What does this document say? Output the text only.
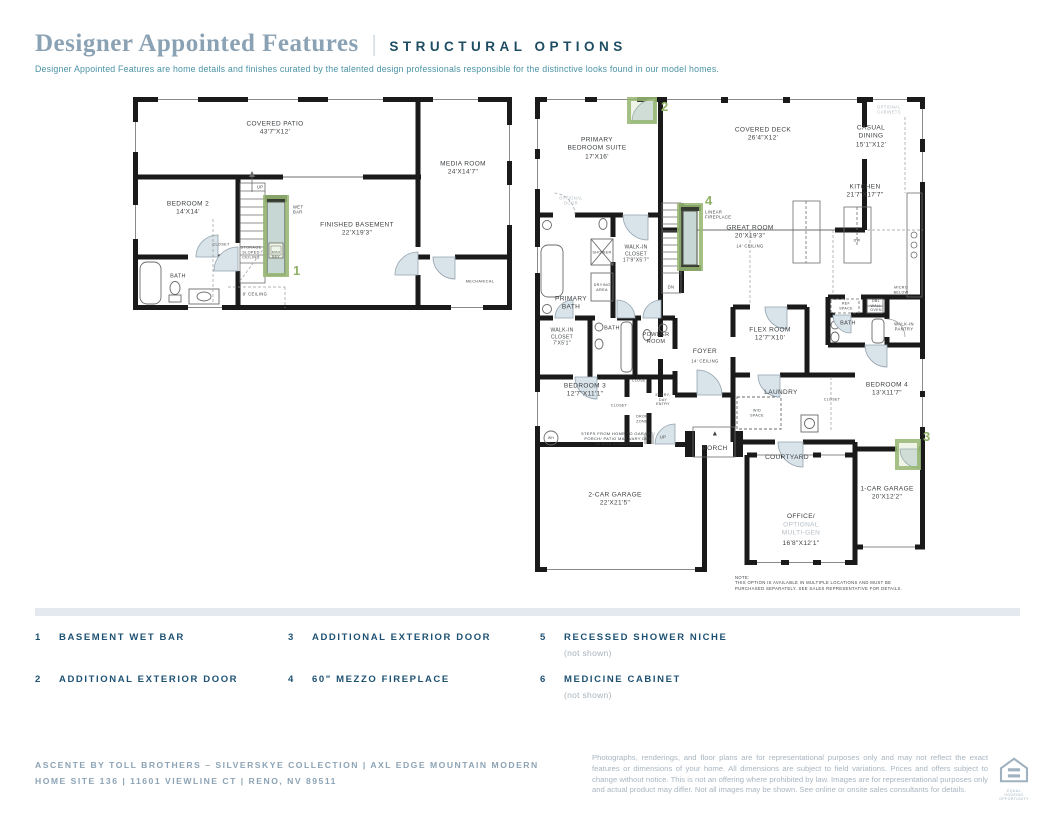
Designer Appointed Features | STRUCTURAL OPTIONS
Designer Appointed Features are home details and finishes curated by the talented design professionals responsible for the distinctive looks found in our model homes.
COVERED PATIO
43'7"X12'
MEDIA ROOM
24'X14'7"
BEDROOM 2
14'X14'
FINISHED BASEMENT
22'X19'3"
WET
BAR
MINI
BEV
CLOSET
STORAGE
SLOPED
CEILING
BATH
MECHANICAL
UP
9' CEILING
1
PRIMARY
BEDROOM SUITE
17'X16'
COVERED DECK
26'4"X12'
CASUAL
DINING
15'1"X12'
OPTIONAL
CABINETS
KITCHEN
21'7"X17'7"
GREAT ROOM
20'X19'3"
14' CEILING
LINEAR
FIREPLACE
OPTIONAL
DOOR
WALK-IN
CLOSET
17'9"X5'7"
SHOWER
DRYING
AREA
PRIMARY
BATH
DN
WALK-IN
CLOSET
7'X5'1"
BATH
POWDER
ROOM
FOYER
14' CEILING
FLEX ROOM
12'7"X10'
BATH	WALK-IN
PANTRY
REF
SPACE
DBL
WALL
OVEN
MICRO
BELOW
DW
BEDROOM 3
12'7"X11'1"
CLOSET
CLOSET
EVERY-
DAY
ENTRY
DROP
ZONE
LAUNDRY
W/D
SPACE
CLOSET
BEDROOM 4
13'X11'7"
UP
WH
STEPS FROM HOME TO GARAGE/
PORCH/ PATIO MAY VARY DUE
TO SITE CONDITIONS
▲
PORCH
2-CAR GARAGE
22'X21'5"
COURTYARD
1-CAR GARAGE
20'X12'2"
OFFICE/
OPTIONAL
MULTI-GEN
16'8"X12'1"
NOTE:
THIS OPTION IS AVAILABLE IN MULTIPLE LOCATIONS AND MUST BE
PURCHASED SEPARATELY. SEE SALES REPRESENTATIVE FOR DETAILS.
2
4
3
1	BASEMENT WET BAR
2	ADDITIONAL EXTERIOR DOOR
3	ADDITIONAL EXTERIOR DOOR
4	60" MEZZO FIREPLACE
5	RECESSED SHOWER NICHE
(not shown)
6	MEDICINE CABINET
(not shown)
ASCENTE BY TOLL BROTHERS – SILVERSKYE COLLECTION | AXL EDGE MOUNTAIN MODERN
HOME SITE 136 | 11601 VIEWLINE CT | RENO, NV 89511
Photographs, renderings, and floor plans are for representational purposes only and may not reflect the exact features or dimensions of your home. All dimensions are subject to field variations. Prices and offers subject to change without notice. This is not an offering where prohibited by law. Images are for representational purposes only and actual product may differ. Not all images may be shown. See online or onsite sales consultants for details.	EQUAL HOUSING OPPORTUNITY
